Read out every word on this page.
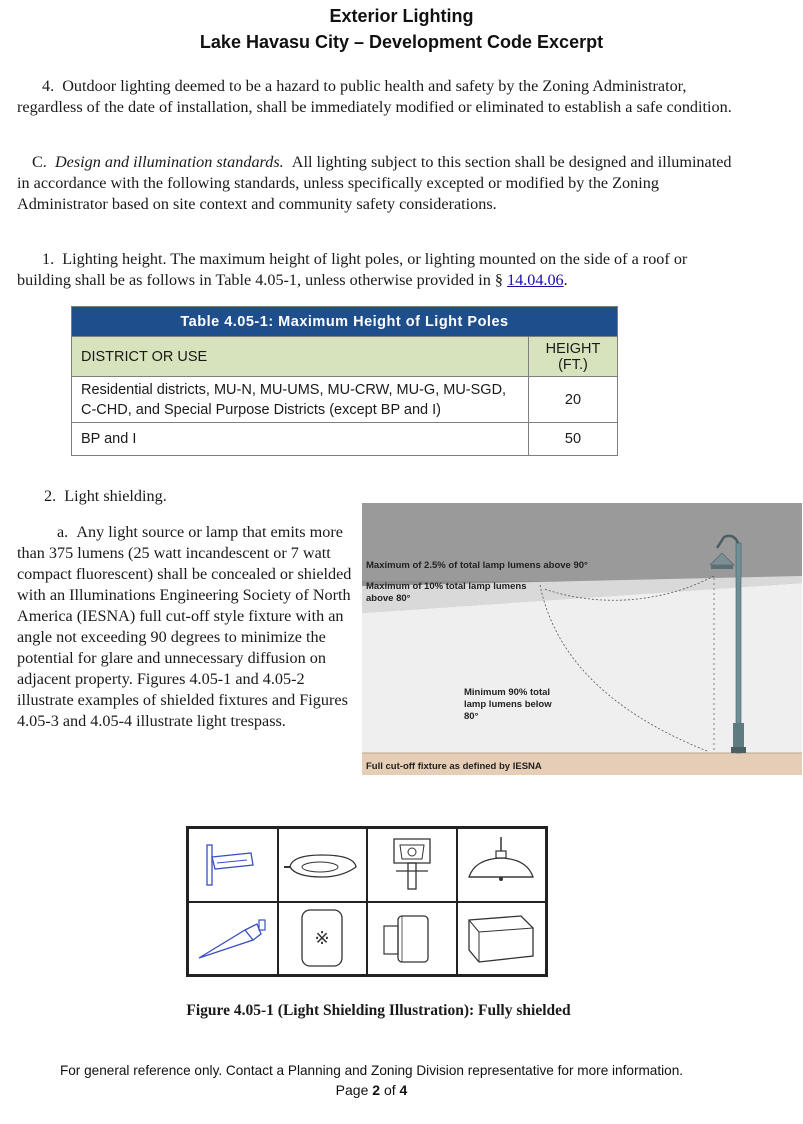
Exterior Lighting
Lake Havasu City – Development Code Excerpt
4. Outdoor lighting deemed to be a hazard to public health and safety by the Zoning Administrator, regardless of the date of installation, shall be immediately modified or eliminated to establish a safe condition.
C. Design and illumination standards. All lighting subject to this section shall be designed and illuminated in accordance with the following standards, unless specifically excepted or modified by the Zoning Administrator based on site context and community safety considerations.
1. Lighting height. The maximum height of light poles, or lighting mounted on the side of a roof or building shall be as follows in Table 4.05-1, unless otherwise provided in § 14.04.06.
Table 4.05-1: Maximum Height of Light Poles	
DISTRICT OR USE	HEIGHT (FT.)
Residential districts, MU-N, MU-UMS, MU-CRW, MU-G, MU-SGD, C-CHD, and Special Purpose Districts (except BP and I)	20
BP and I	50
2. Light shielding.
a. Any light source or lamp that emits more than 375 lumens (25 watt incandescent or 7 watt compact fluorescent) shall be concealed or shielded with an Illuminations Engineering Society of North America (IESNA) full cut-off style fixture with an angle not exceeding 90 degrees to minimize the potential for glare and unnecessary diffusion on adjacent property. Figures 4.05-1 and 4.05-2 illustrate examples of shielded fixtures and Figures 4.05-3 and 4.05-4 illustrate light trespass.
Maximum of 2.5% of total lamp lumens above 90°
Maximum of 10% total lamp lumens
above 80°
Minimum 90% total
lamp lumens below
80°
Full cut-off fixture as defined by IESNA
※
Figure 4.05-1 (Light Shielding Illustration): Fully shielded
For general reference only. Contact a Planning and Zoning Division representative for more information.
Page 2 of 4
